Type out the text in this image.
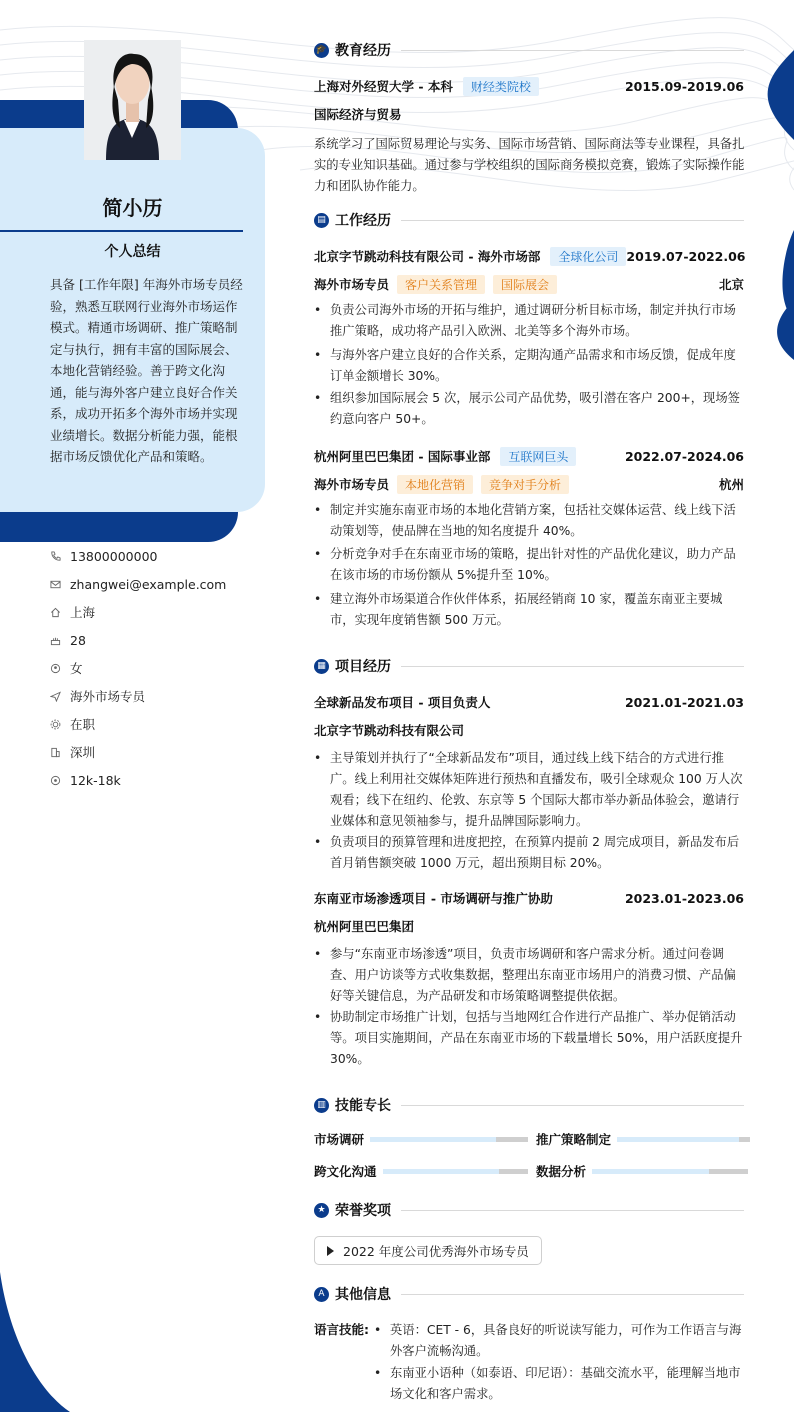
简小历
个人总结
具备 [工作年限] 年海外市场专员经验，熟悉互联网行业海外市场运作模式。精通市场调研、推广策略制定与执行，拥有丰富的国际展会、本地化营销经验。善于跨文化沟通，能与海外客户建立良好合作关系，成功开拓多个海外市场并实现业绩增长。数据分析能力强，能根据市场反馈优化产品和策略。
13800000000
zhangwei@example.com
上海
28
女
海外市场专员
在职
深圳
12k-18k
🎓 教育经历
上海对外经贸大学 - 本科	财经类院校	2015.09-2019.06
国际经济与贸易
系统学习了国际贸易理论与实务、国际市场营销、国际商法等专业课程，具备扎实的专业知识基础。通过参与学校组织的国际商务模拟竞赛，锻炼了实际操作能力和团队协作能力。
▤ 工作经历
北京字节跳动科技有限公司 - 海外市场部	全球化公司 2019.07-2022.06
海外市场专员	客户关系管理	国际展会	北京
• 负责公司海外市场的开拓与维护，通过调研分析目标市场，制定并执行市场推广策略，成功将产品引入欧洲、北美等多个海外市场。
• 与海外客户建立良好的合作关系，定期沟通产品需求和市场反馈，促成年度订单金额增长 30%。
• 组织参加国际展会 5 次，展示公司产品优势，吸引潜在客户 200+，现场签约意向客户 50+。
杭州阿里巴巴集团 - 国际事业部	互联网巨头	2022.07-2024.06
海外市场专员	本地化营销	竞争对手分析	杭州
• 制定并实施东南亚市场的本地化营销方案，包括社交媒体运营、线上线下活动策划等，使品牌在当地的知名度提升 40%。
• 分析竞争对手在东南亚市场的策略，提出针对性的产品优化建议，助力产品在该市场的市场份额从 5%提升至 10%。
• 建立海外市场渠道合作伙伴体系，拓展经销商 10 家，覆盖东南亚主要城市，实现年度销售额 500 万元。
▦ 项目经历
全球新品发布项目 - 项目负责人	2021.01-2021.03
北京字节跳动科技有限公司
• 主导策划并执行了“全球新品发布”项目，通过线上线下结合的方式进行推广。线上利用社交媒体矩阵进行预热和直播发布，吸引全球观众 100 万人次观看；线下在纽约、伦敦、东京等 5 个国际大都市举办新品体验会，邀请行业媒体和意见领袖参与，提升品牌国际影响力。
• 负责项目的预算管理和进度把控，在预算内提前 2 周完成项目，新品发布后首月销售额突破 1000 万元，超出预期目标 20%。
东南亚市场渗透项目 - 市场调研与推广协助	2023.01-2023.06
杭州阿里巴巴集团
• 参与“东南亚市场渗透”项目，负责市场调研和客户需求分析。通过问卷调查、用户访谈等方式收集数据，整理出东南亚市场用户的消费习惯、产品偏好等关键信息，为产品研发和市场策略调整提供依据。
• 协助制定市场推广计划，包括与当地网红合作进行产品推广、举办促销活动等。项目实施期间，产品在东南亚市场的下载量增长 50%，用户活跃度提升 30%。
▥ 技能专长
市场调研	推广策略制定
跨文化沟通	数据分析
★ 荣誉奖项
2022 年度公司优秀海外市场专员
A 其他信息
语言技能:
•	英语：CET - 6，具备良好的听说读写能力，可作为工作语言与海外客户流畅沟通。
• 东南亚小语种（如泰语、印尼语）：基础交流水平，能理解当地市场文化和客户需求。
